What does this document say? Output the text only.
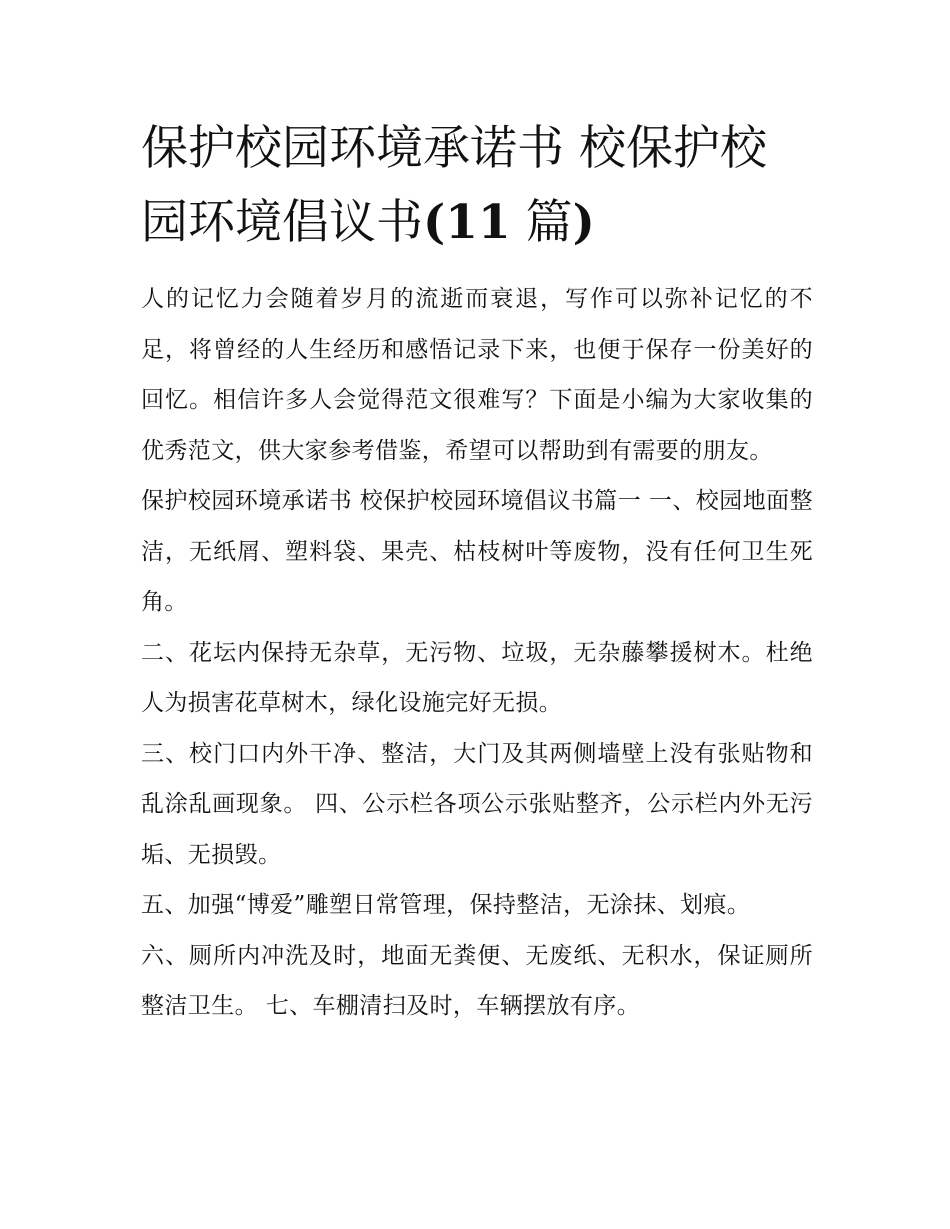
保护校园环境承诺书 校保护校园环境倡议书(11 篇)

人的记忆力会随着岁月的流逝而衰退，写作可以弥补记忆的不足，将曾经的人生经历和感悟记录下来，也便于保存一份美好的回忆。相信许多人会觉得范文很难写？下面是小编为大家收集的优秀范文，供大家参考借鉴，希望可以帮助到有需要的朋友。

保护校园环境承诺书 校保护校园环境倡议书篇一 一、校园地面整洁，无纸屑、塑料袋、果壳、枯枝树叶等废物，没有任何卫生死角。

二、花坛内保持无杂草，无污物、垃圾，无杂藤攀援树木。杜绝人为损害花草树木，绿化设施完好无损。

三、校门口内外干净、整洁，大门及其两侧墙壁上没有张贴物和乱涂乱画现象。 四、公示栏各项公示张贴整齐，公示栏内外无污垢、无损毁。

五、加强“博爱”雕塑日常管理，保持整洁，无涂抹、划痕。

六、厕所内冲洗及时，地面无粪便、无废纸、无积水，保证厕所整洁卫生。 七、车棚清扫及时，车辆摆放有序。
